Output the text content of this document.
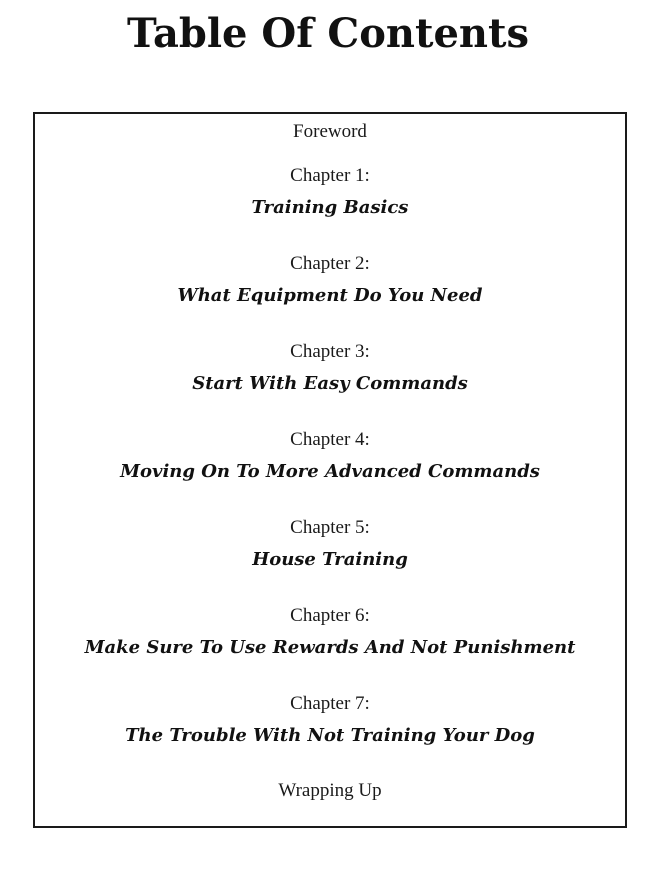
Table Of Contents
Foreword
Chapter 1:
Training Basics
Chapter 2:
What Equipment Do You Need
Chapter 3:
Start With Easy Commands
Chapter 4:
Moving On To More Advanced Commands
Chapter 5:
House Training
Chapter 6:
Make Sure To Use Rewards And Not Punishment
Chapter 7:
The Trouble With Not Training Your Dog
Wrapping Up
